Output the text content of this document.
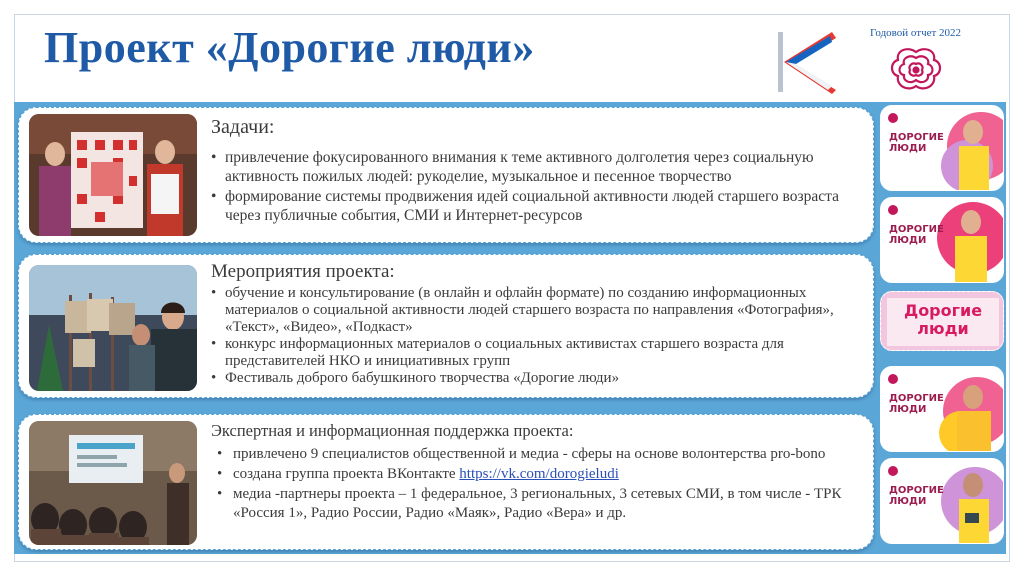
Проект «Дорогие люди»	Годовой отчет 2022
Задачи:
• привлечение фокусированного внимания к теме активного долголетия через социальную активность пожилых людей: рукоделие, музыкальное и песенное творчество
• формирование системы продвижения идей социальной активности людей старшего возраста через публичные события, СМИ и Интернет-ресурсов
Мероприятия проекта:
• обучение и консультирование (в онлайн и офлайн формате) по созданию информационных материалов о социальной активности людей старшего возраста по направления «Фотография», «Текст», «Видео», «Подкаст»
• конкурс информационных материалов о социальных активистах старшего возраста для представителей НКО и инициативных групп
• Фестиваль доброго бабушкиного творчества «Дорогие люди»
Экспертная и информационная поддержка проекта:
• привлечено 9 специалистов общественной и медиа - сферы на основе волонтерства pro-bono
• создана группа проекта ВКонтакте https://vk.com/dorogieludi
• медиа -партнеры проекта – 1 федеральное, 3 региональных, 3 сетевых СМИ, в том числе - ТРК «Россия 1», Радио России, Радио «Маяк», Радио «Вера» и др.
ДОРОГИЕ ЛЮДИ
ДОРОГИЕ ЛЮДИ
Дорогие люди
ДОРОГИЕ ЛЮДИ
ДОРОГИЕ ЛЮДИ
